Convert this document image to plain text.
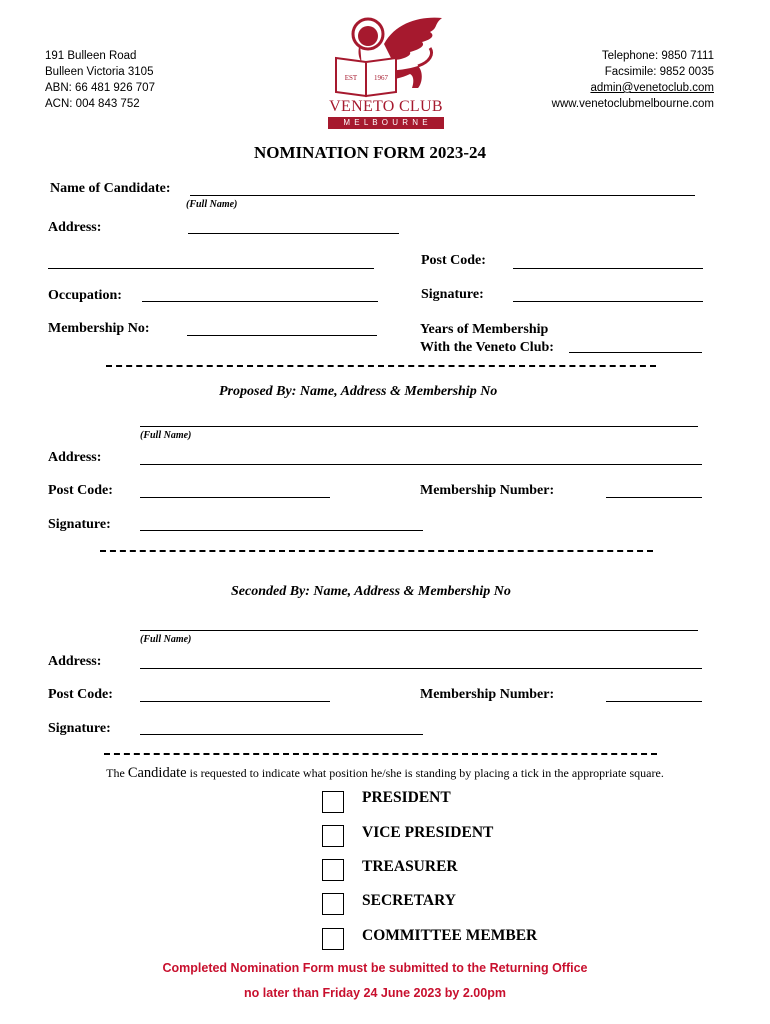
191 Bulleen Road
Bulleen Victoria 3105
ABN: 66 481 926 707
ACN: 004 843 752
Telephone: 9850 7111
Facsimile: 9852 0035
admin@venetoclub.com
www.venetoclubmelbourne.com
EST 1967
VENETO CLUB
M E L B O U R N E
NOMINATION FORM 2023-24
Name of Candidate:
(Full Name)
Address:
Post Code:
Occupation:	Signature:
Membership No:	Years of Membership
With the Veneto Club:
Proposed By: Name, Address & Membership No
(Full Name)
Address:
Post Code:	Membership Number:
Signature:
Seconded By: Name, Address & Membership No
(Full Name)
Address:
Post Code:	Membership Number:
Signature:
The Candidate is requested to indicate what position he/she is standing by placing a tick in the appropriate square.
PRESIDENT
VICE PRESIDENT
TREASURER
SECRETARY
COMMITTEE MEMBER
Completed Nomination Form must be submitted to the Returning Office
no later than Friday 24 June 2023 by 2.00pm
